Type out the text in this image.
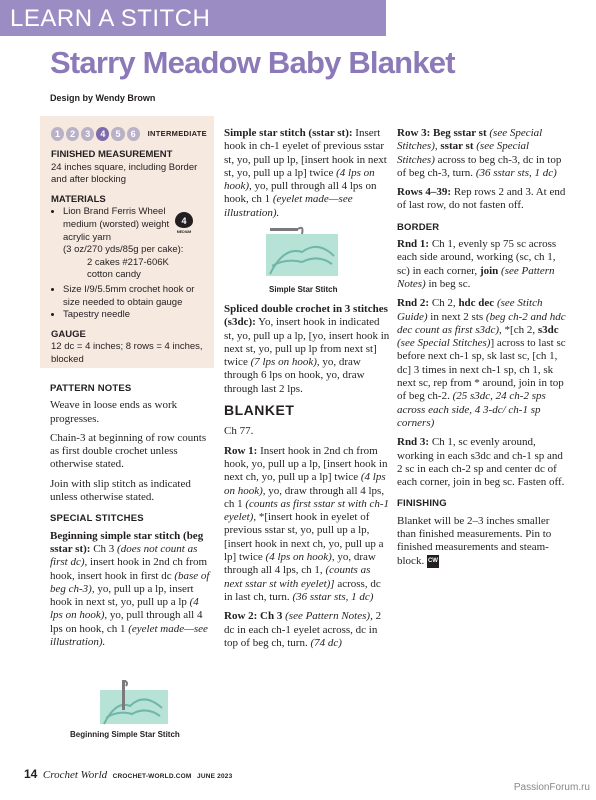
LEARN A STITCH
Starry Meadow Baby Blanket
Design by Wendy Brown
1	2	3	4	5	6	INTERMEDIATE
FINISHED MEASUREMENT
24 inches square, including Border and after blocking
MATERIALS
• Lion Brand Ferris Wheel medium (worsted) weight acrylic yarn
(3 oz/270 yds/85g per cake):
2 cakes #217-606K cotton candy
• Size I/9/5.5mm crochet hook or size needed to obtain gauge
• Tapestry needle
GAUGE
12 dc = 4 inches; 8 rows = 4 inches, blocked
4
MEDIUM
PATTERN NOTES

Weave in loose ends as work progresses.

Chain-3 at beginning of row counts as first double crochet unless otherwise stated.

Join with slip stitch as indicated unless otherwise stated.

SPECIAL STITCHES

Beginning simple star stitch (beg sstar st): Ch 3 (does not count as first dc), insert hook in 2nd ch from hook, insert hook in first dc (base of beg ch-3), yo, pull up a lp, insert hook in next st, yo, pull up a lp (4 lps on hook), yo, pull through all 4 lps on hook, ch 1 (eyelet made—see illustration).

Beginning Simple Star Stitch

Simple star stitch (sstar st): Insert hook in ch-1 eyelet of previous sstar st, yo, pull up lp, [insert hook in next st, yo, pull up a lp] twice (4 lps on hook), yo, pull through all 4 lps on hook, ch 1 (eyelet made—see illustration).

Simple Star Stitch

Spliced double crochet in 3 stitches (s3dc): Yo, insert hook in indicated st, yo, pull up a lp, [yo, insert hook in next st, yo, pull up lp from next st] twice (7 lps on hook), yo, draw through 6 lps on hook, yo, draw through last 2 lps.

BLANKET

Ch 77.

Row 1: Insert hook in 2nd ch from hook, yo, pull up a lp, [insert hook in next ch, yo, pull up a lp] twice (4 lps on hook), yo, draw through all 4 lps, ch 1 (counts as first sstar st with ch-1 eyelet), *[insert hook in eyelet of previous sstar st, yo, pull up a lp, [insert hook in next ch, yo, pull up a lp] twice (4 lps on hook), yo, draw through all 4 lps, ch 1, (counts as next sstar st with eyelet)] across, dc in last ch, turn. (36 sstar sts, 1 dc)

Row 2: Ch 3 (see Pattern Notes), 2 dc in each ch-1 eyelet across, dc in top of beg ch, turn. (74 dc)

Row 3: Beg sstar st (see Special Stitches), sstar st (see Special Stitches) across to beg ch-3, dc in top of beg ch-3, turn. (36 sstar sts, 1 dc)

Rows 4–39: Rep rows 2 and 3. At end of last row, do not fasten off.

BORDER

Rnd 1: Ch 1, evenly sp 75 sc across each side around, working (sc, ch 1, sc) in each corner, join (see Pattern Notes) in beg sc.

Rnd 2: Ch 2, hdc dec (see Stitch Guide) in next 2 sts (beg ch-2 and hdc dec count as first s3dc), *[ch 2, s3dc (see Special Stitches)] across to last sc before next ch-1 sp, sk last sc, [ch 1, dc] 3 times in next ch-1 sp, ch 1, sk next sc, rep from * around, join in top of beg ch-2. (25 s3dc, 24 ch-2 sps across each side, 4 3-dc/ ch-1 sp corners)

Rnd 3: Ch 1, sc evenly around, working in each s3dc and ch-1 sp and 2 sc in each ch-2 sp and center dc of each corner, join in beg sc. Fasten off.

FINISHING

Blanket will be 2–3 inches smaller than finished measurements. Pin to finished measurements and steam-block. CW

14 Crochet World CROCHET-WORLD.COM JUNE 2023
PassionForum.ru
